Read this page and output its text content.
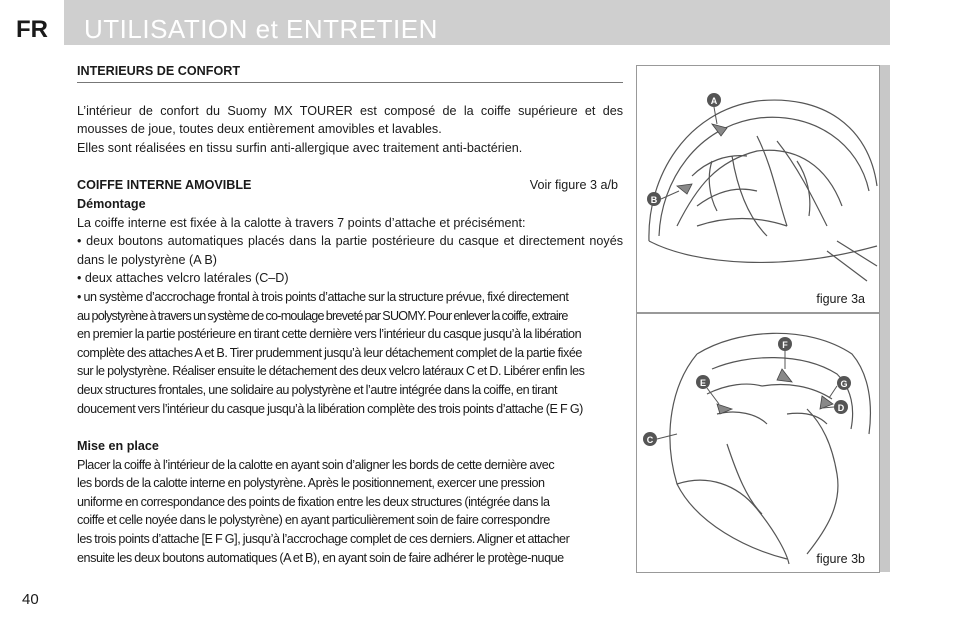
FR UTILISATION et ENTRETIEN
INTERIEURS DE CONFORT

L’intérieur de confort du Suomy MX TOURER est composé de la coiffe supérieure et des mousses de joue, toutes deux entièrement amovibles et lavables.

Elles sont réalisées en tissu surfin anti-allergique avec traitement anti-bactérien.

COIFFE INTERNE AMOVIBLE	Voir figure 3 a/b

Démontage

La coiffe interne est fixée à la calotte à travers 7 points d’attache et précisément:

• deux boutons automatiques placés dans la partie postérieure du casque et directement noyés dans le polystyrène (A B)

• deux attaches velcro latérales (C–D)

• un système d’accrochage frontal à trois points d’attache sur la structure prévue, fixé directement

au polystyrène à travers un système de co-moulage breveté par SUOMY. Pour enlever la coiffe, extraire

en premier la partie postérieure en tirant cette dernière vers l’intérieur du casque jusqu’à la libération

complète des attaches A et B. Tirer prudemment jusqu’à leur détachement complet de la partie fixée

sur le polystyrène. Réaliser ensuite le détachement des deux velcro latéraux C et D. Libérer enfin les

deux structures frontales, une solidaire au polystyrène et l’autre intégrée dans la coiffe, en tirant

doucement vers l’intérieur du casque jusqu’à la libération complète des trois points d’attache (E F G)

Mise en place

Placer la coiffe à l’intérieur de la calotte en ayant soin d’aligner les bords de cette dernière avec

les bords de la calotte interne en polystyrène. Après le positionnement, exercer une pression

uniforme en correspondance des points de fixation entre les deux structures (intégrée dans la

coiffe et celle noyée dans le polystyrène) en ayant particulièrement soin de faire correspondre

les trois points d’attache [E F G], jusqu’à l’accrochage complet de ces derniers. Aligner et attacher

ensuite les deux boutons automatiques (A et B), en ayant soin de faire adhérer le protège-nuque

A
B
figure 3a
F
E	G
D
C
figure 3b
40
